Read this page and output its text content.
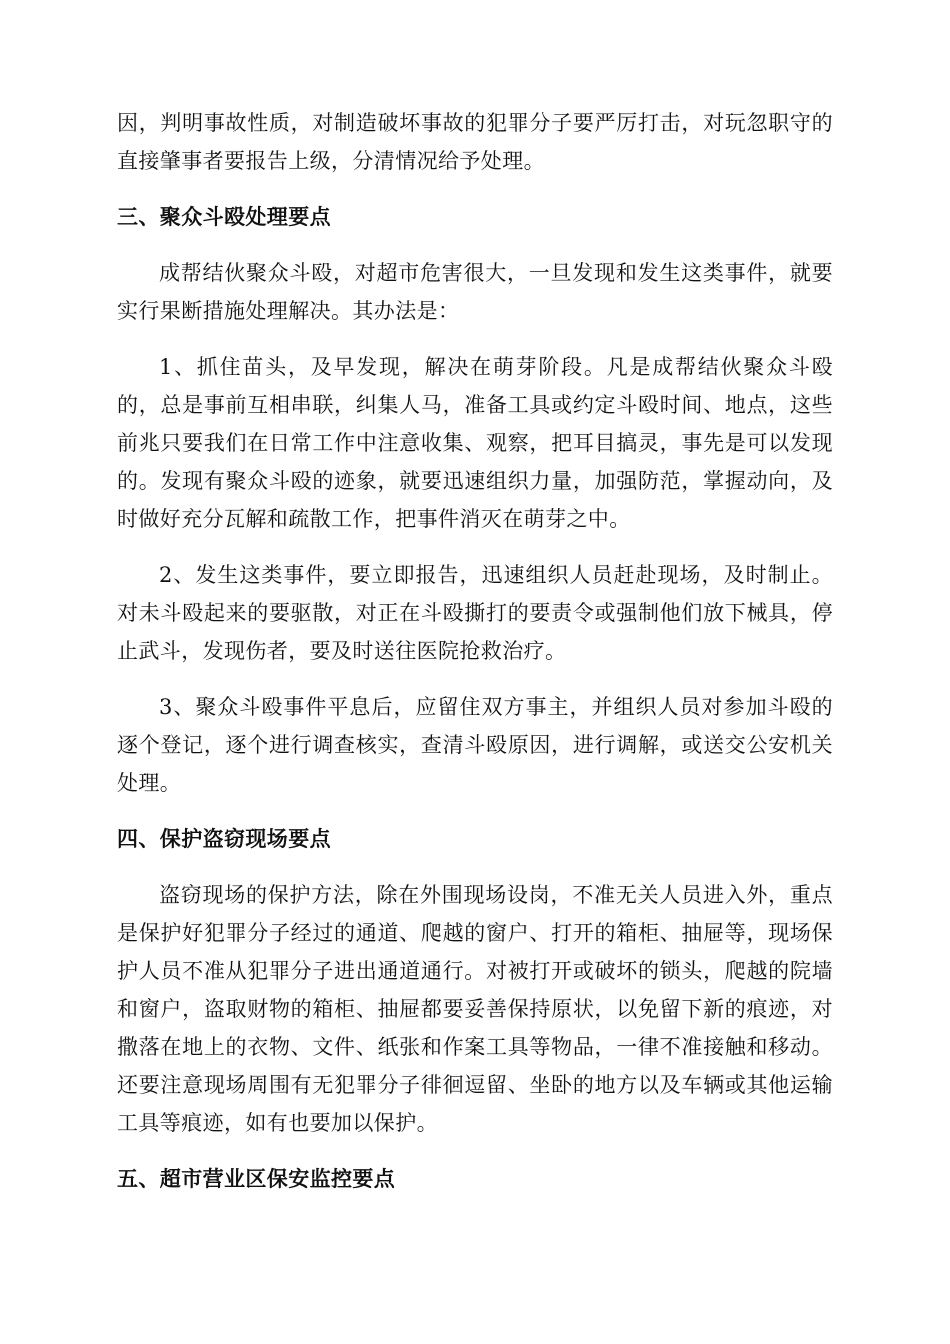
因，判明事故性质，对制造破坏事故的犯罪分子要严厉打击，对玩忽职守的直接肇事者要报告上级，分清情况给予处理。

三、聚众斗殴处理要点

成帮结伙聚众斗殴，对超市危害很大，一旦发现和发生这类事件，就要实行果断措施处理解决。其办法是：

1、抓住苗头，及早发现，解决在萌芽阶段。凡是成帮结伙聚众斗殴的，总是事前互相串联，纠集人马，准备工具或约定斗殴时间、地点，这些前兆只要我们在日常工作中注意收集、观察，把耳目搞灵，事先是可以发现的。发现有聚众斗殴的迹象，就要迅速组织力量，加强防范，掌握动向，及时做好充分瓦解和疏散工作，把事件消灭在萌芽之中。

2、发生这类事件，要立即报告，迅速组织人员赶赴现场，及时制止。对未斗殴起来的要驱散，对正在斗殴撕打的要责令或强制他们放下械具，停止武斗，发现伤者，要及时送往医院抢救治疗。

3、聚众斗殴事件平息后，应留住双方事主，并组织人员对参加斗殴的逐个登记，逐个进行调查核实，查清斗殴原因，进行调解，或送交公安机关处理。

四、保护盗窃现场要点

盗窃现场的保护方法，除在外围现场设岗，不准无关人员进入外，重点是保护好犯罪分子经过的通道、爬越的窗户、打开的箱柜、抽屉等，现场保护人员不准从犯罪分子进出通道通行。对被打开或破坏的锁头，爬越的院墙和窗户，盗取财物的箱柜、抽屉都要妥善保持原状，以免留下新的痕迹，对撒落在地上的衣物、文件、纸张和作案工具等物品，一律不准接触和移动。还要注意现场周围有无犯罪分子徘徊逗留、坐卧的地方以及车辆或其他运输工具等痕迹，如有也要加以保护。

五、超市营业区保安监控要点
